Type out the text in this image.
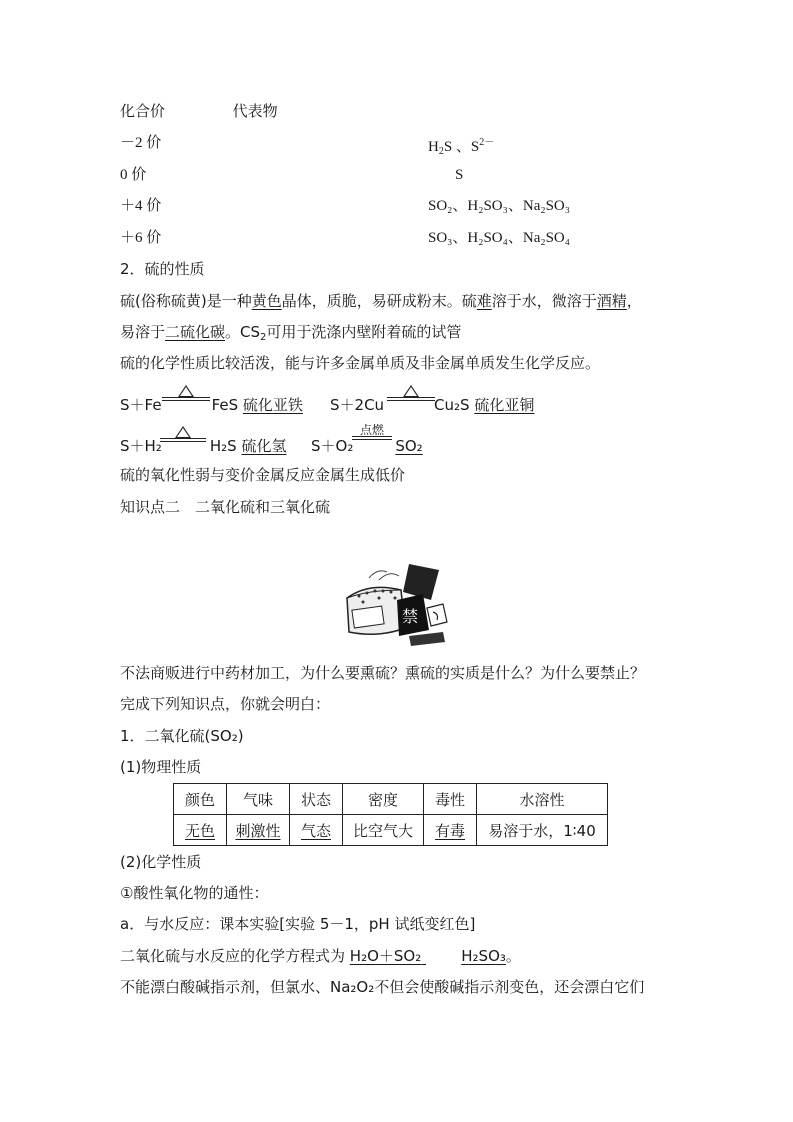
化合价	代表物
－2 价	$H_2S$ 、$S^{2-}$
0 价	S
＋4 价	SO₂、H₂SO₃、Na₂SO₃
＋6 价	SO₃、H₂SO₄、Na₂SO₄
2．硫的性质
硫(俗称硫黄)是一种黄色晶体，质脆，易研成粉末。硫难溶于水，微溶于酒精，
易溶于二硫化碳。$CS_2$可用于洗涤内壁附着硫的试管
硫的化学性质比较活泼，能与许多金属单质及非金属单质发生化学反应。
S＋Fe	FeS 硫化亚铁 S＋2Cu	Cu₂S 硫化亚铜
S＋H₂	H₂S 硫化氢 S＋O₂	SO₂
点燃
硫的氧化性弱与变价金属反应金属生成低价
知识点二　二氧化硫和三氧化硫
禁
不法商贩进行中药材加工，为什么要熏硫？熏硫的实质是什么？为什么要禁止？
完成下列知识点，你就会明白：
1．二氧化硫(SO₂)
(1)物理性质
颜色	气味	状态	密度	毒性	水溶性
无色	刺激性	气态	比空气大	有毒	易溶于水，1∶40
(2)化学性质
①酸性氧化物的通性：
a．与水反应：课本实验[实验 5－1，pH 试纸变红色]
二氧化硫与水反应的化学方程式为 H₂O＋SO₂	H₂SO₃。
不能漂白酸碱指示剂，但氯水、Na₂O₂不但会使酸碱指示剂变色，还会漂白它们
